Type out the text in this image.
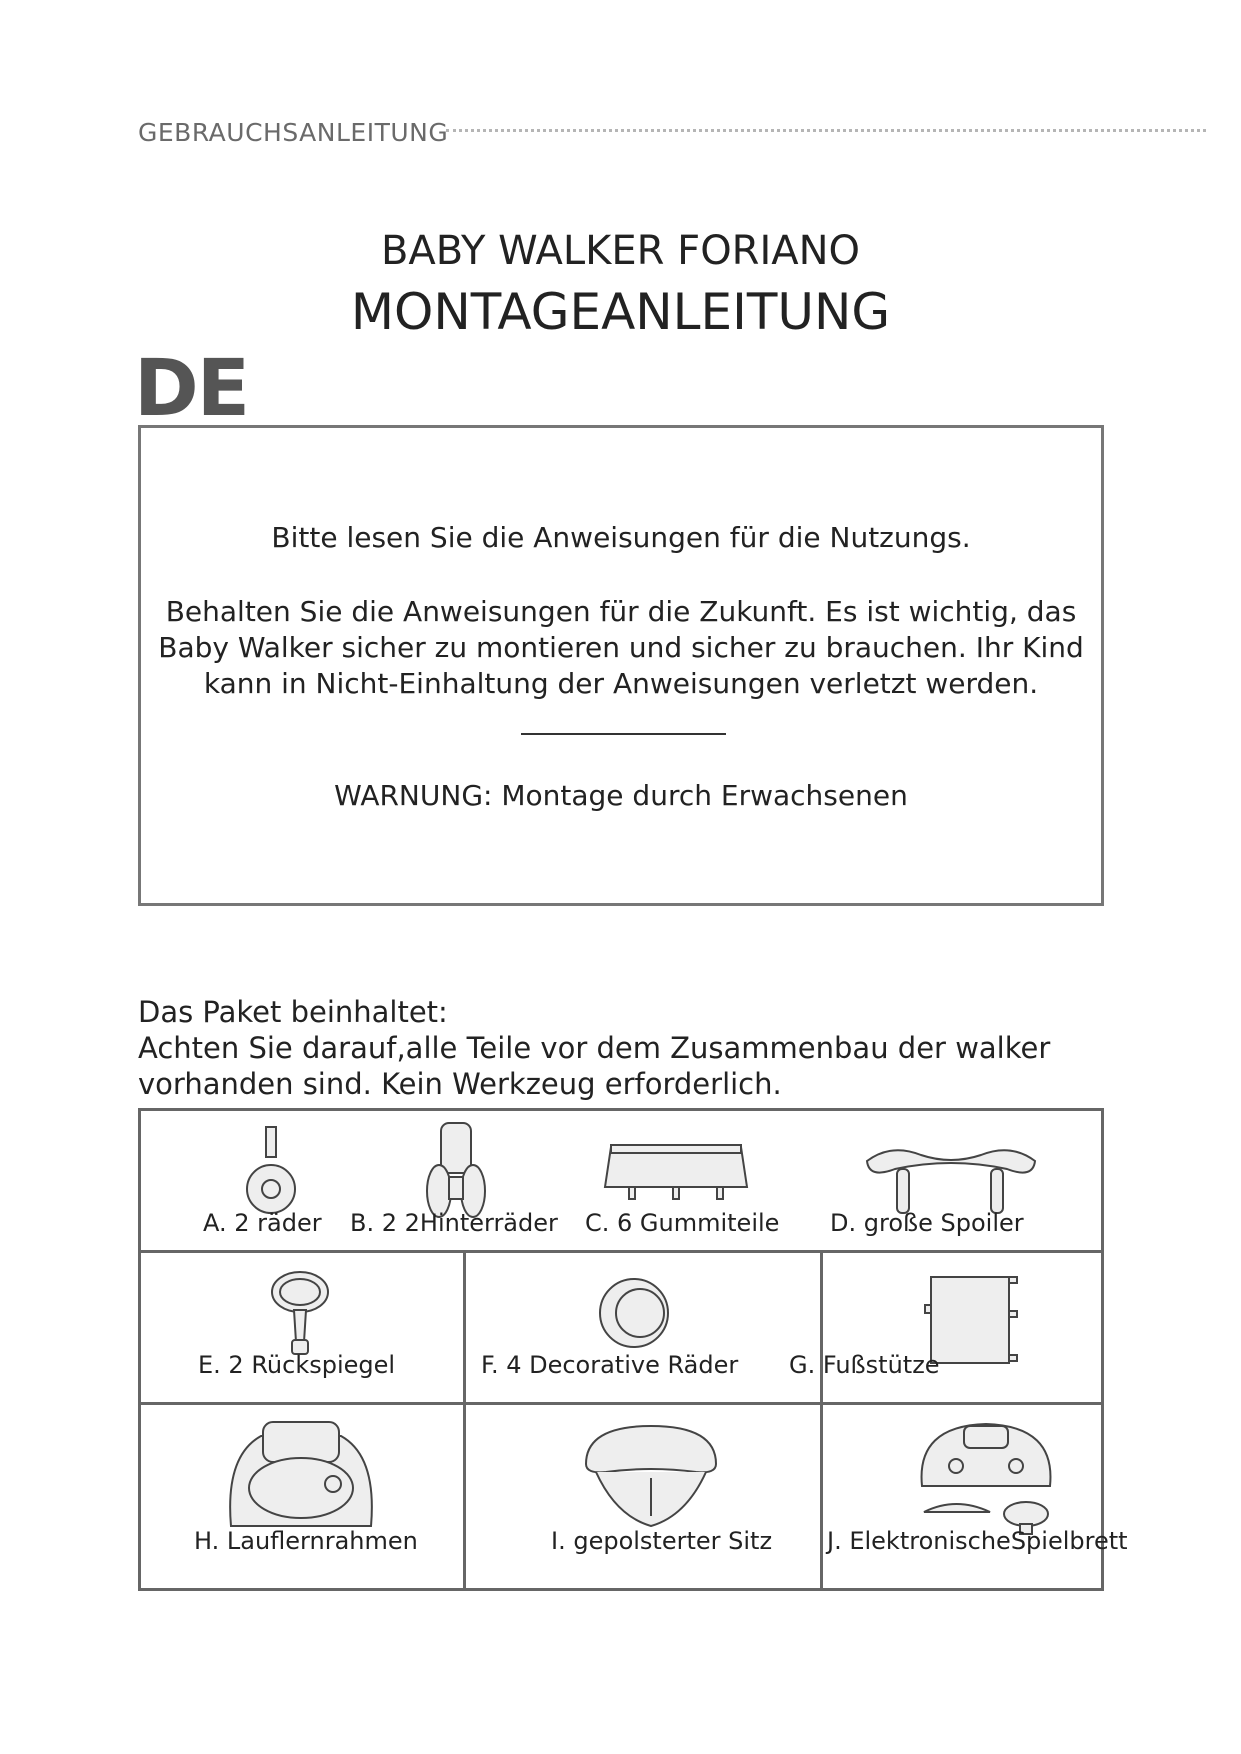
GEBRAUCHSANLEITUNG
BABY WALKER FORIANO
MONTAGEANLEITUNG
DE
Bitte lesen Sie die Anweisungen für die Nutzungs.
Behalten Sie die Anweisungen für die Zukunft. Es ist wichtig, das
Baby Walker sicher zu montieren und sicher zu brauchen. Ihr Kind
kann in Nicht-Einhaltung der Anweisungen verletzt werden.
WARNUNG: Montage durch Erwachsenen
Das Paket beinhaltet:
Achten Sie darauf,alle Teile vor dem Zusammenbau der walker
vorhanden sind. Kein Werkzeug erforderlich.
A. 2 räder B. 2 2Hinterräder C. 6 Gummiteile D. große Spoiler
E. 2 Rückspiegel	F. 4 Decorative Räder G. Fußstütze
H. Lauflernrahmen	I. gepolsterter Sitz J. ElektronischeSpielbrett
